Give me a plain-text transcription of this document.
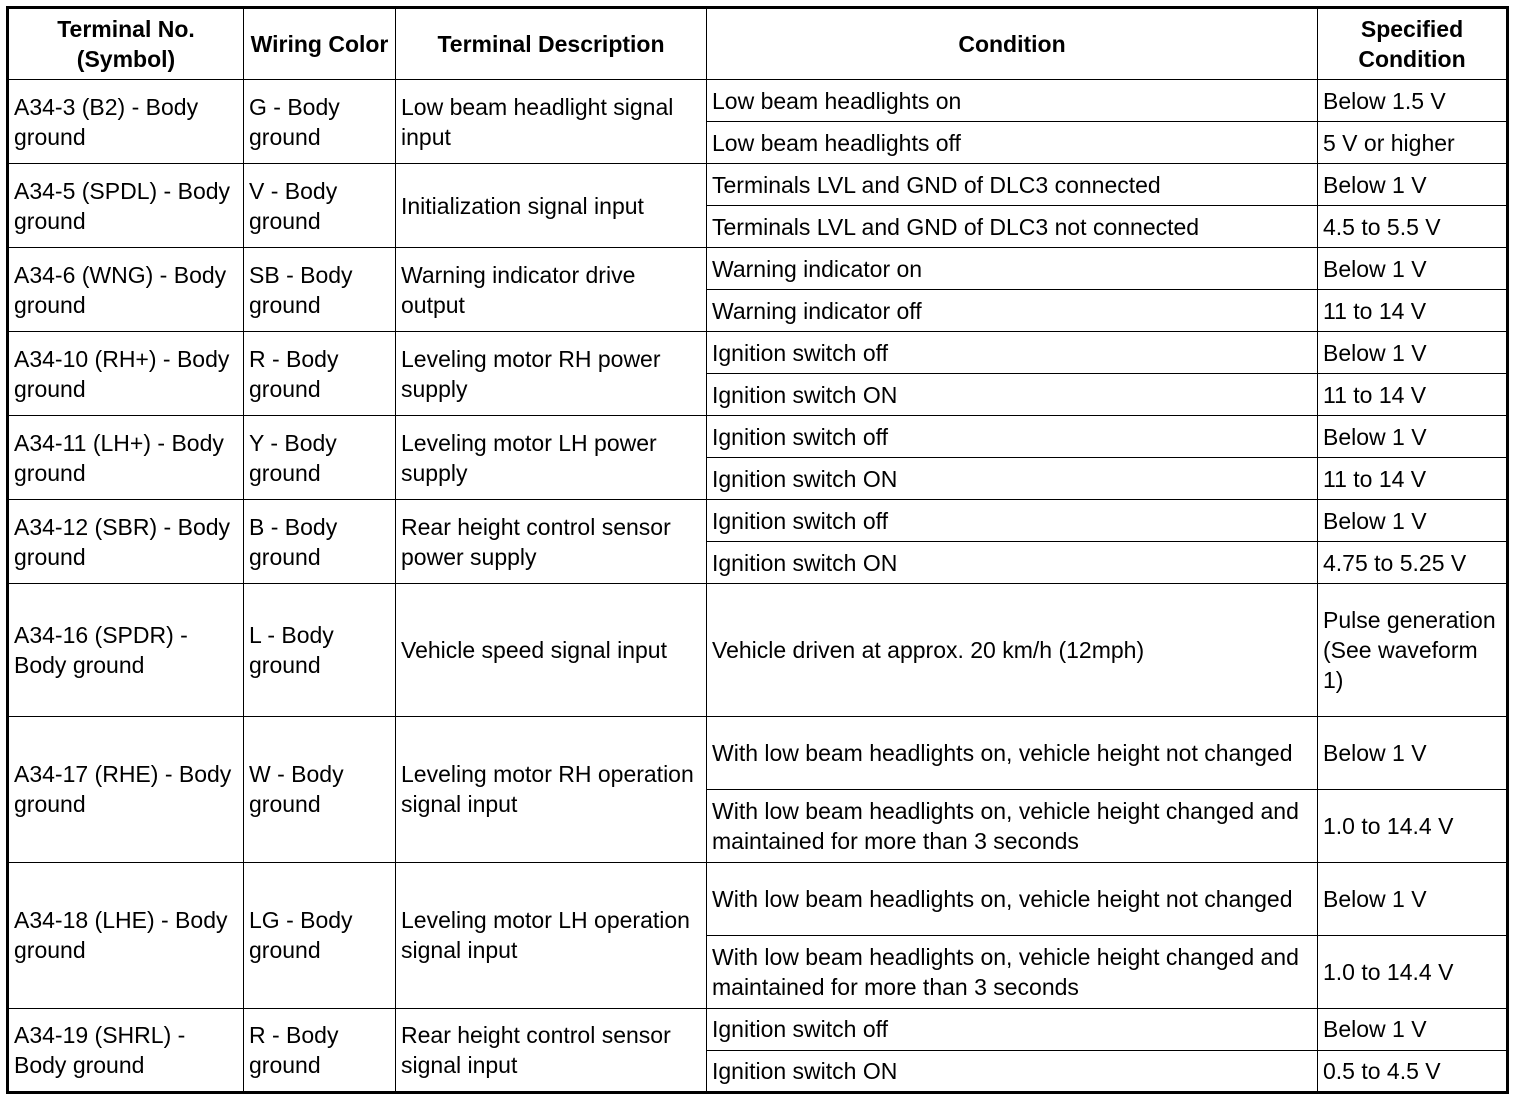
Terminal No. (Symbol)	Wiring Color	Terminal Description	Condition	Specified Condition
A34-3 (B2) - Body ground	G - Body ground	Low beam headlight signal input	Low beam headlights on	Below 1.5 V
			Low beam headlights off	5 V or higher
A34-5 (SPDL) - Body ground	V - Body ground	Initialization signal input	Terminals LVL and GND of DLC3 connected	Below 1 V
			Terminals LVL and GND of DLC3 not connected	4.5 to 5.5 V
A34-6 (WNG) - Body ground	SB - Body ground	Warning indicator drive output	Warning indicator on	Below 1 V
			Warning indicator off	11 to 14 V
A34-10 (RH+) - Body ground	R - Body ground	Leveling motor RH power supply	Ignition switch off	Below 1 V
			Ignition switch ON	11 to 14 V
A34-11 (LH+) - Body ground	Y - Body ground	Leveling motor LH power supply	Ignition switch off	Below 1 V
			Ignition switch ON	11 to 14 V
A34-12 (SBR) - Body ground	B - Body ground	Rear height control sensor power supply	Ignition switch off	Below 1 V
			Ignition switch ON	4.75 to 5.25 V
A34-16 (SPDR) - Body ground	L - Body ground	Vehicle speed signal input	Vehicle driven at approx. 20 km/h (12mph)	Pulse generation (See waveform 1)
A34-17 (RHE) - Body ground	W - Body ground	Leveling motor RH operation signal input	With low beam headlights on, vehicle height not changed	Below 1 V
			With low beam headlights on, vehicle height changed and maintained for more than 3 seconds	1.0 to 14.4 V
A34-18 (LHE) - Body ground	LG - Body ground	Leveling motor LH operation signal input	With low beam headlights on, vehicle height not changed	Below 1 V
			With low beam headlights on, vehicle height changed and maintained for more than 3 seconds	1.0 to 14.4 V
A34-19 (SHRL) - Body ground	R - Body ground	Rear height control sensor signal input	Ignition switch off	Below 1 V
			Ignition switch ON	0.5 to 4.5 V
